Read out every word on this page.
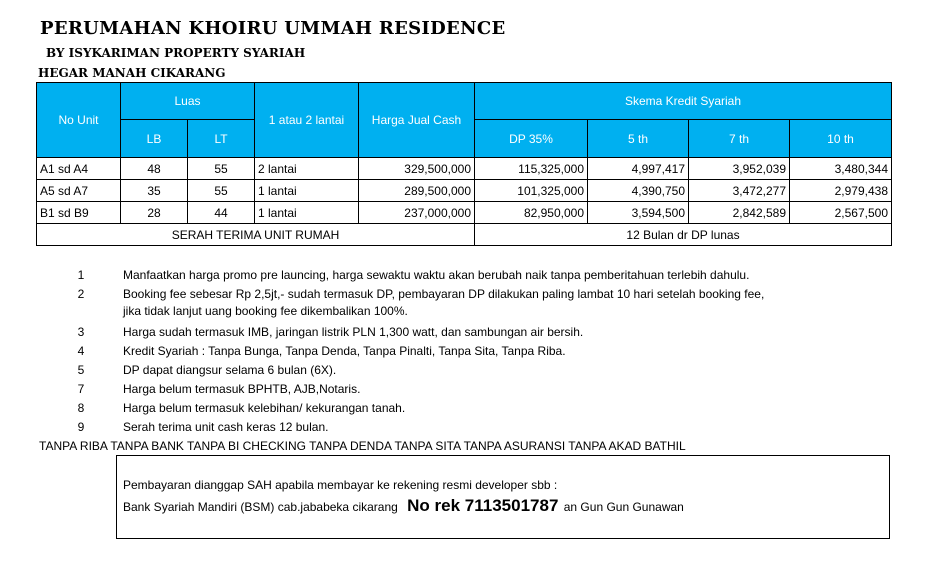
PERUMAHAN KHOIRU UMMAH RESIDENCE
BY ISYKARIMAN PROPERTY SYARIAH
HEGAR MANAH CIKARANG
No Unit	Luas		1 atau 2 lantai	Harga Jual Cash	Skema Kredit Syariah			
	LB	LT			DP 35%	5 th	7 th	10 th
A1 sd A4	48	55	2 lantai	329,500,000	115,325,000	4,997,417	3,952,039	3,480,344
A5 sd A7	35	55	1 lantai	289,500,000	101,325,000	4,390,750	3,472,277	2,979,438
B1 sd B9	28	44	1 lantai	237,000,000	82,950,000	3,594,500	2,842,589	2,567,500
SERAH TERIMA UNIT RUMAH					12 Bulan dr DP lunas			
1	Manfaatkan harga promo pre launcing, harga sewaktu waktu akan berubah naik tanpa pemberitahuan terlebih dahulu.
2	Booking fee sebesar Rp 2,5jt,- sudah termasuk DP, pembayaran DP dilakukan paling lambat 10 hari setelah booking fee,
jika tidak lanjut uang booking fee dikembalikan 100%.
3	Harga sudah termasuk IMB, jaringan listrik PLN 1,300 watt, dan sambungan air bersih.
4	Kredit Syariah : Tanpa Bunga, Tanpa Denda, Tanpa Pinalti, Tanpa Sita, Tanpa Riba.
5	DP dapat diangsur selama 6 bulan (6X).
7	Harga belum termasuk BPHTB, AJB,Notaris.
8	Harga belum termasuk kelebihan/ kekurangan tanah.
9	Serah terima unit cash keras 12 bulan.
TANPA RIBA TANPA BANK TANPA BI CHECKING TANPA DENDA TANPA SITA TANPA ASURANSI TANPA AKAD BATHIL
Pembayaran dianggap SAH apabila membayar ke rekening resmi developer sbb :
Bank Syariah Mandiri (BSM) cab.jababeka cikarang No rek 7113501787 an Gun Gun Gunawan
